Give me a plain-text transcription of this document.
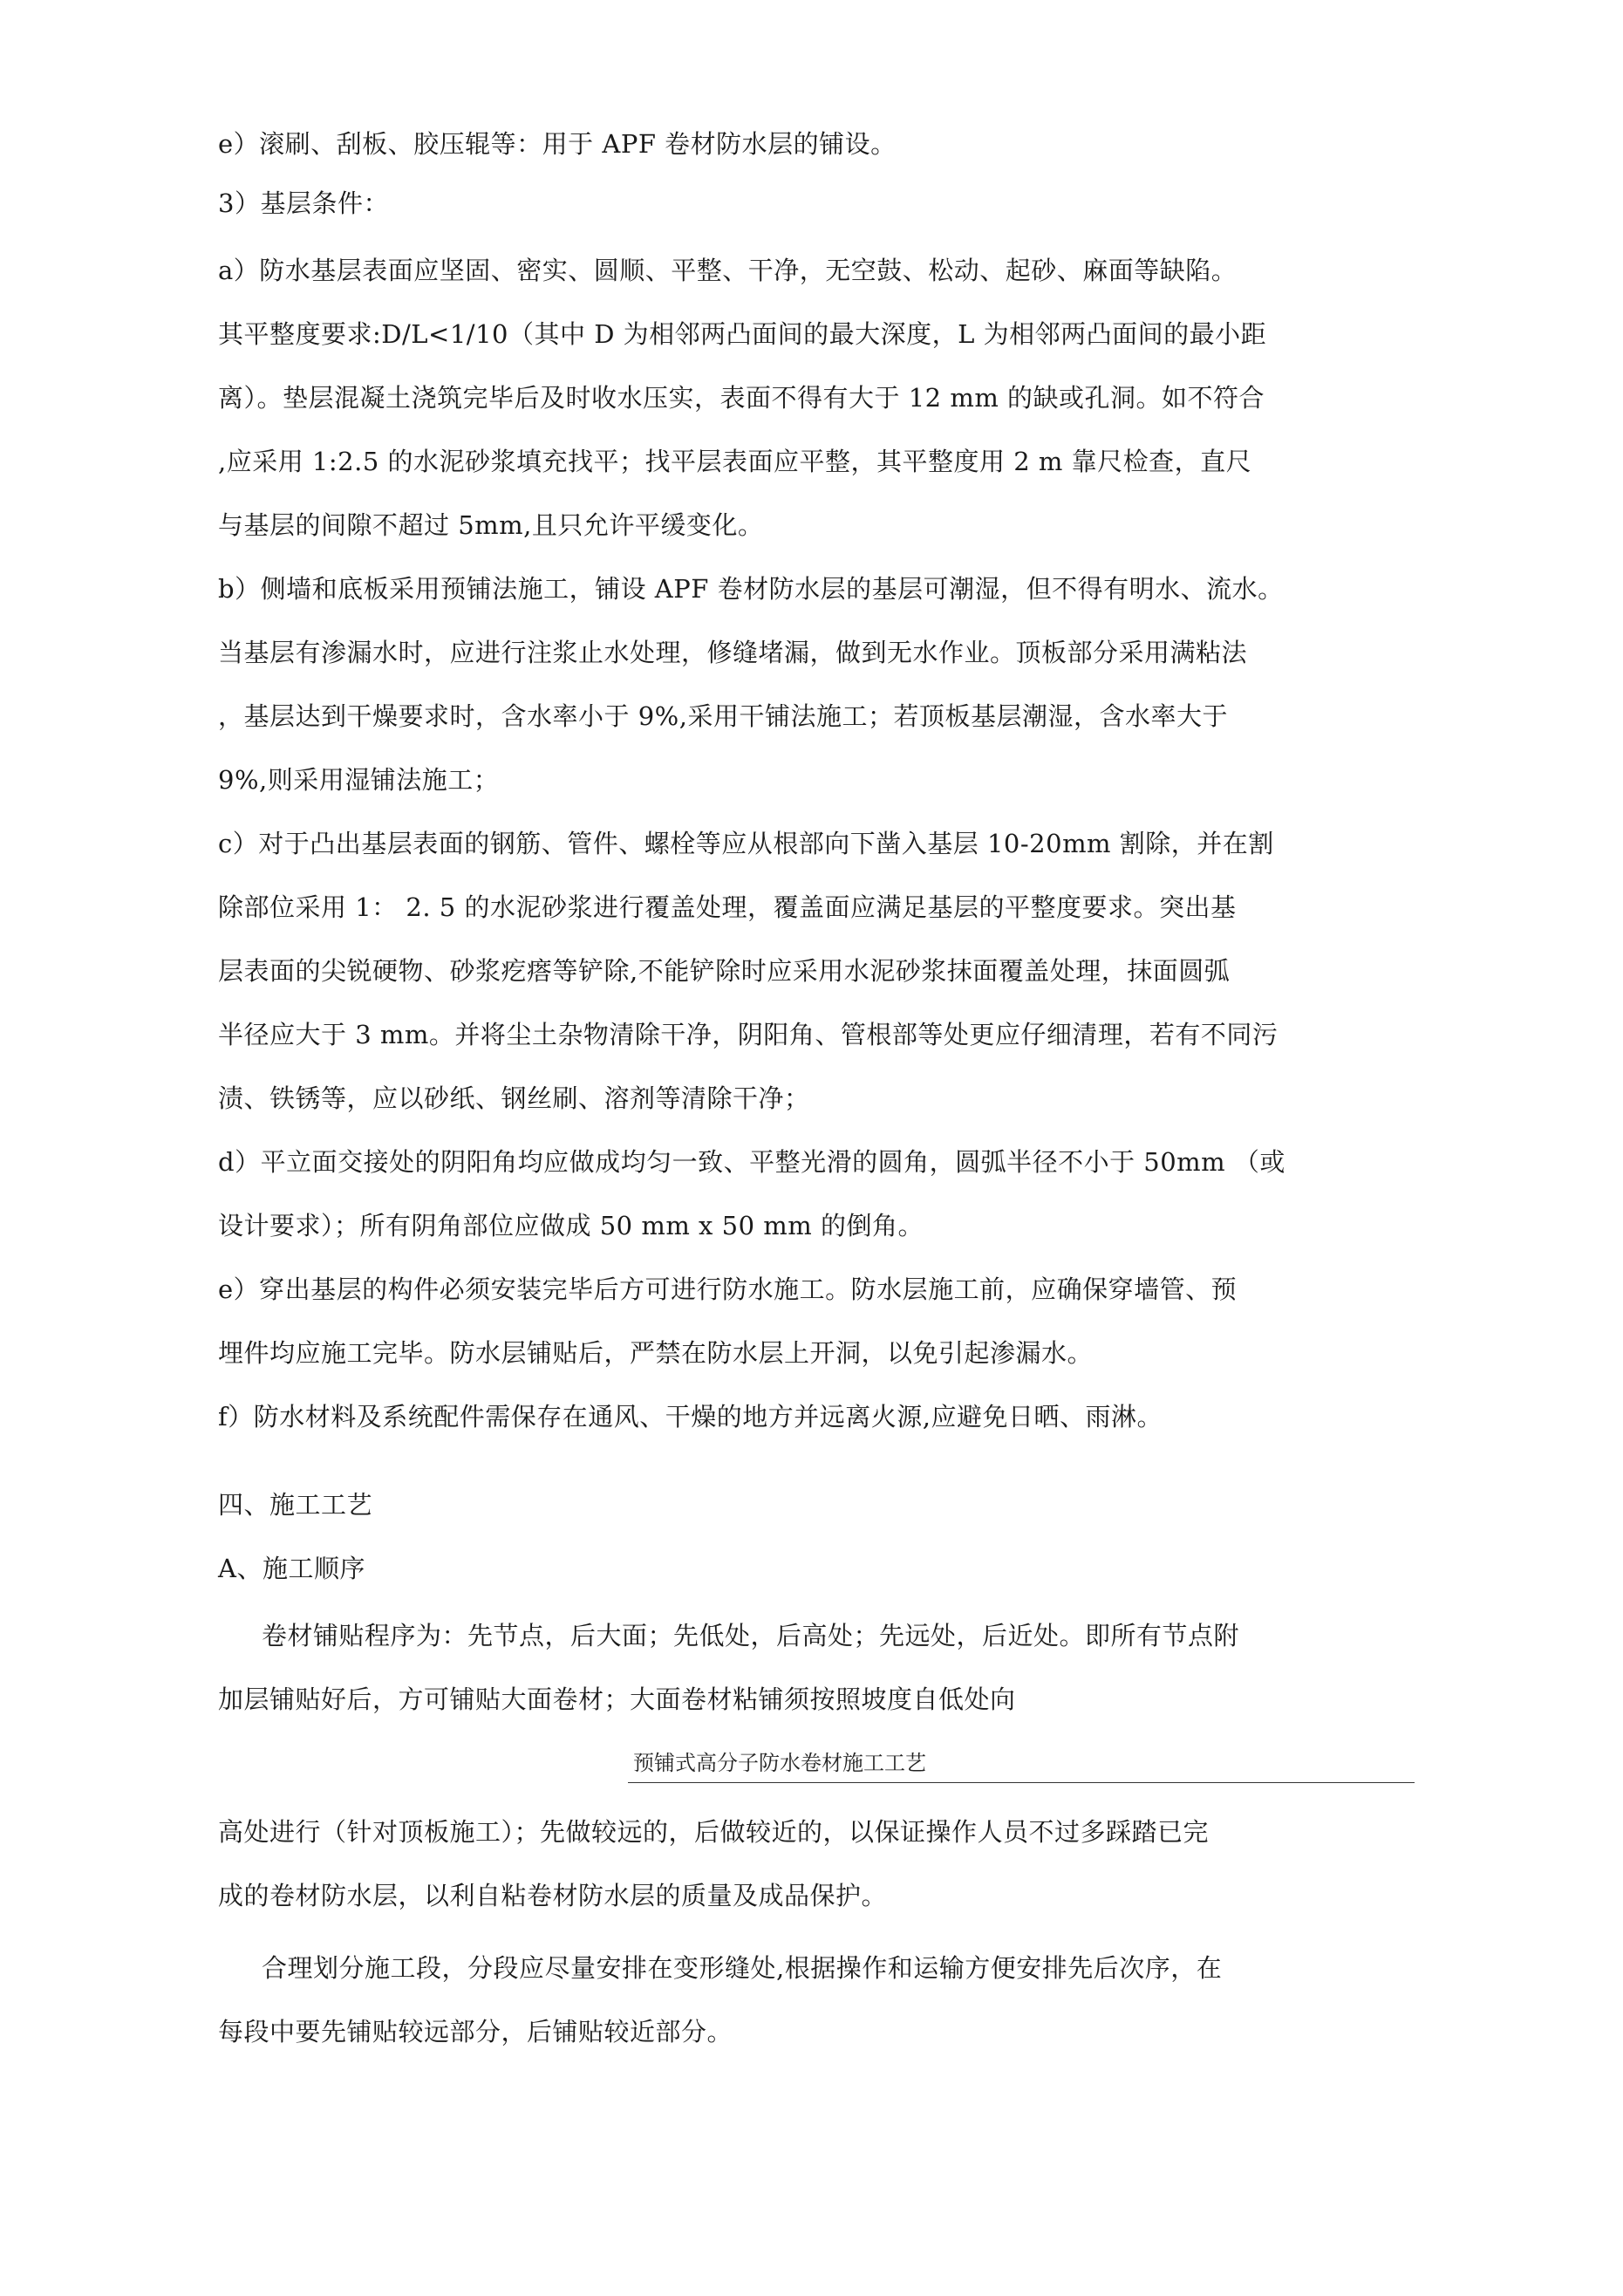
e）滚刷、刮板、胶压辊等：用于 APF 卷材防水层的铺设。
3）基层条件：
a）防水基层表面应坚固、密实、圆顺、平整、干净，无空鼓、松动、起砂、麻面等缺陷。
其平整度要求:D/L<1/10（其中 D 为相邻两凸面间的最大深度，L 为相邻两凸面间的最小距
离）。垫层混凝土浇筑完毕后及时收水压实，表面不得有大于 12 mm 的缺或孔洞。如不符合
,应采用 1:2.5 的水泥砂浆填充找平；找平层表面应平整，其平整度用 2 m 靠尺检查，直尺
与基层的间隙不超过 5mm,且只允许平缓变化。
b）侧墙和底板采用预铺法施工，铺设 APF 卷材防水层的基层可潮湿，但不得有明水、流水。
当基层有渗漏水时，应进行注浆止水处理，修缝堵漏，做到无水作业。顶板部分采用满粘法
，基层达到干燥要求时，含水率小于 9%,采用干铺法施工；若顶板基层潮湿，含水率大于
9%,则采用湿铺法施工；
c）对于凸出基层表面的钢筋、管件、螺栓等应从根部向下凿入基层 10-20mm 割除，并在割
除部位采用 1： 2. 5 的水泥砂浆进行覆盖处理，覆盖面应满足基层的平整度要求。突出基
层表面的尖锐硬物、砂浆疙瘩等铲除,不能铲除时应采用水泥砂浆抹面覆盖处理，抹面圆弧
半径应大于 3 mm。并将尘土杂物清除干净，阴阳角、管根部等处更应仔细清理，若有不同污
渍、铁锈等，应以砂纸、钢丝刷、溶剂等清除干净；
d）平立面交接处的阴阳角均应做成均匀一致、平整光滑的圆角，圆弧半径不小于 50mm （或
设计要求）；所有阴角部位应做成 50 mm x 50 mm 的倒角。
e）穿出基层的构件必须安装完毕后方可进行防水施工。防水层施工前，应确保穿墙管、预
埋件均应施工完毕。防水层铺贴后，严禁在防水层上开洞，以免引起渗漏水。
f）防水材料及系统配件需保存在通风、干燥的地方并远离火源,应避免日晒、雨淋。
四、施工工艺
A、施工顺序
卷材铺贴程序为：先节点，后大面；先低处，后高处；先远处，后近处。即所有节点附
加层铺贴好后，方可铺贴大面卷材；大面卷材粘铺须按照坡度自低处向
预铺式高分子防水卷材施工工艺
高处进行（针对顶板施工）；先做较远的，后做较近的，以保证操作人员不过多踩踏已完
成的卷材防水层，以利自粘卷材防水层的质量及成品保护。
合理划分施工段，分段应尽量安排在变形缝处,根据操作和运输方便安排先后次序，在
每段中要先铺贴较远部分，后铺贴较近部分。
